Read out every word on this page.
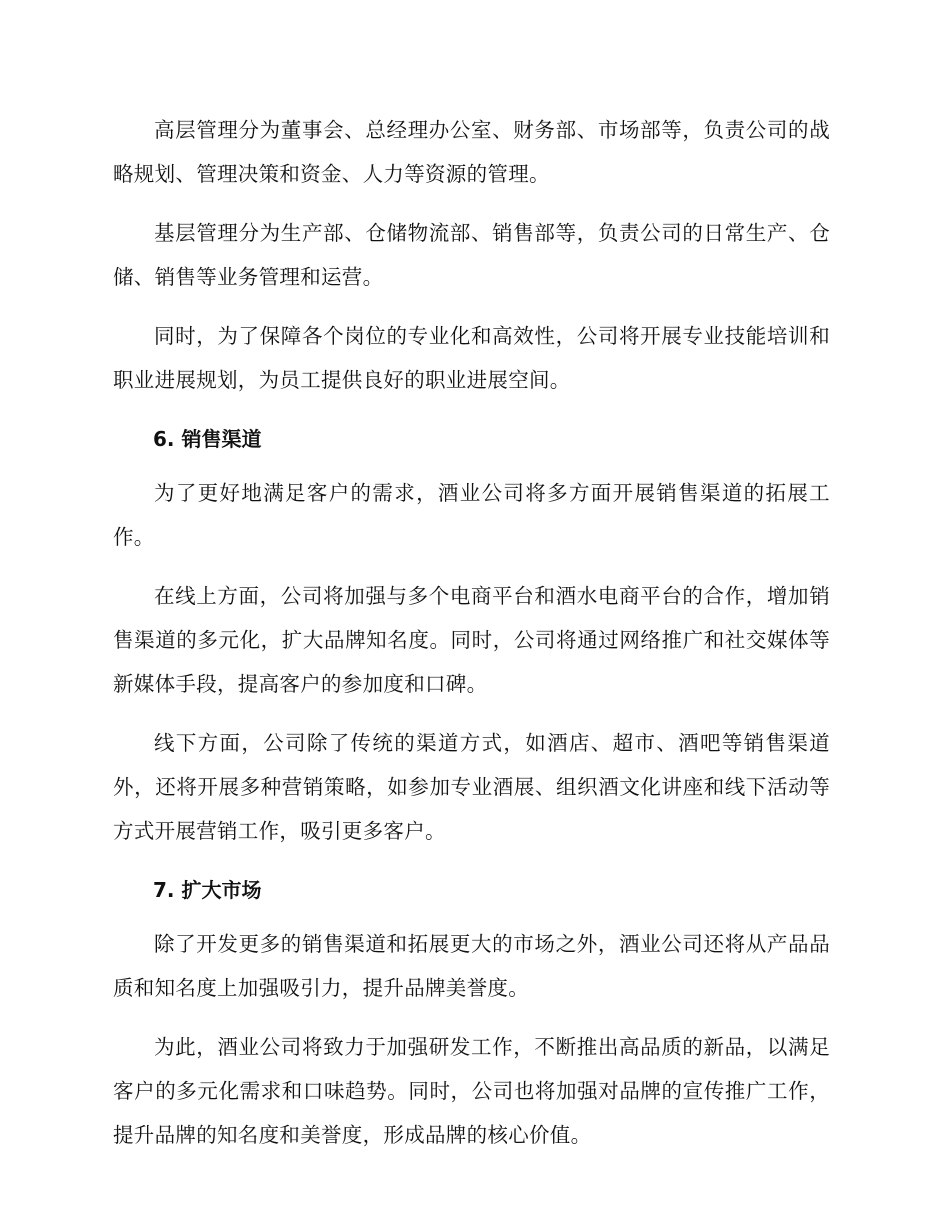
高层管理分为董事会、总经理办公室、财务部、市场部等，负责公司的战略规划、管理决策和资金、人力等资源的管理。

基层管理分为生产部、仓储物流部、销售部等，负责公司的日常生产、仓储、销售等业务管理和运营。

同时，为了保障各个岗位的专业化和高效性，公司将开展专业技能培训和职业进展规划，为员工提供良好的职业进展空间。

6. 销售渠道

为了更好地满足客户的需求，酒业公司将多方面开展销售渠道的拓展工作。

在线上方面，公司将加强与多个电商平台和酒水电商平台的合作，增加销售渠道的多元化，扩大品牌知名度。同时，公司将通过网络推广和社交媒体等新媒体手段，提高客户的参加度和口碑。

线下方面，公司除了传统的渠道方式，如酒店、超市、酒吧等销售渠道外，还将开展多种营销策略，如参加专业酒展、组织酒文化讲座和线下活动等方式开展营销工作，吸引更多客户。

7. 扩大市场

除了开发更多的销售渠道和拓展更大的市场之外，酒业公司还将从产品品质和知名度上加强吸引力，提升品牌美誉度。

为此，酒业公司将致力于加强研发工作，不断推出高品质的新品，以满足客户的多元化需求和口味趋势。同时，公司也将加强对品牌的宣传推广工作，提升品牌的知名度和美誉度，形成品牌的核心价值。
